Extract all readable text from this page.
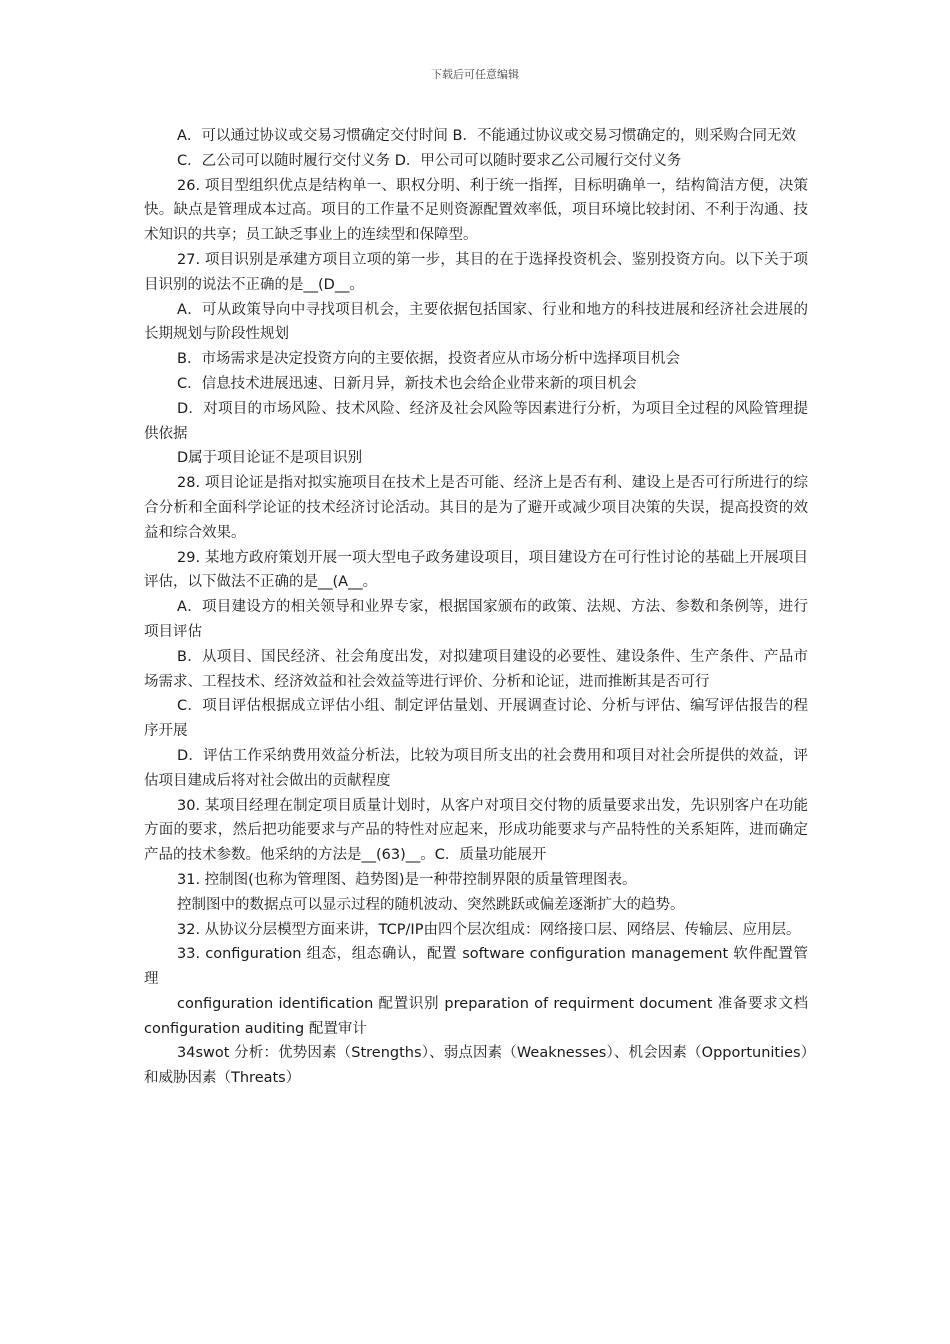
下载后可任意编辑

A．可以通过协议或交易习惯确定交付时间 B．不能通过协议或交易习惯确定的，则采购合同无效

C．乙公司可以随时履行交付义务 D．甲公司可以随时要求乙公司履行交付义务

26. 项目型组织优点是结构单一、职权分明、利于统一指挥，目标明确单一，结构简洁方便，决策快。缺点是管理成本过高。项目的工作量不足则资源配置效率低，项目环境比较封闭、不利于沟通、技术知识的共享；员工缺乏事业上的连续型和保障型。

27. 项目识别是承建方项目立项的第一步，其目的在于选择投资机会、鉴别投资方向。以下关于项目识别的说法不正确的是__(D__。

A．可从政策导向中寻找项目机会，主要依据包括国家、行业和地方的科技进展和经济社会进展的长期规划与阶段性规划

B．市场需求是决定投资方向的主要依据，投资者应从市场分析中选择项目机会

C．信息技术进展迅速、日新月异，新技术也会给企业带来新的项目机会

D．对项目的市场风险、技术风险、经济及社会风险等因素进行分析，为项目全过程的风险管理提供依据

D属于项目论证不是项目识别

28. 项目论证是指对拟实施项目在技术上是否可能、经济上是否有利、建设上是否可行所进行的综合分析和全面科学论证的技术经济讨论活动。其目的是为了避开或减少项目决策的失误，提高投资的效益和综合效果。

29. 某地方政府策划开展一项大型电子政务建设项目，项目建设方在可行性讨论的基础上开展项目评估，以下做法不正确的是__(A__。

A．项目建设方的相关领导和业界专家，根据国家颁布的政策、法规、方法、参数和条例等，进行项目评估

B．从项目、国民经济、社会角度出发，对拟建项目建设的必要性、建设条件、生产条件、产品市场需求、工程技术、经济效益和社会效益等进行评价、分析和论证，进而推断其是否可行

C．项目评估根据成立评估小组、制定评估量划、开展调查讨论、分析与评估、编写评估报告的程序开展

D．评估工作采纳费用效益分析法，比较为项目所支出的社会费用和项目对社会所提供的效益，评估项目建成后将对社会做出的贡献程度

30. 某项目经理在制定项目质量计划时，从客户对项目交付物的质量要求出发，先识别客户在功能方面的要求，然后把功能要求与产品的特性对应起来，形成功能要求与产品特性的关系矩阵，进而确定产品的技术参数。他采纳的方法是__(63)__。C．质量功能展开

31. 控制图(也称为管理图、趋势图)是一种带控制界限的质量管理图表。

控制图中的数据点可以显示过程的随机波动、突然跳跃或偏差逐渐扩大的趋势。

32. 从协议分层模型方面来讲，TCP/IP由四个层次组成：网络接口层、网络层、传输层、应用层。

33. configuration 组态，组态确认，配置 software configuration management 软件配置管理

configuration identification 配置识别 preparation of requirment document 准备要求文档 configuration auditing 配置审计

34swot 分析：优势因素（Strengths）、弱点因素（Weaknesses）、机会因素（Opportunities）和威胁因素（Threats）
